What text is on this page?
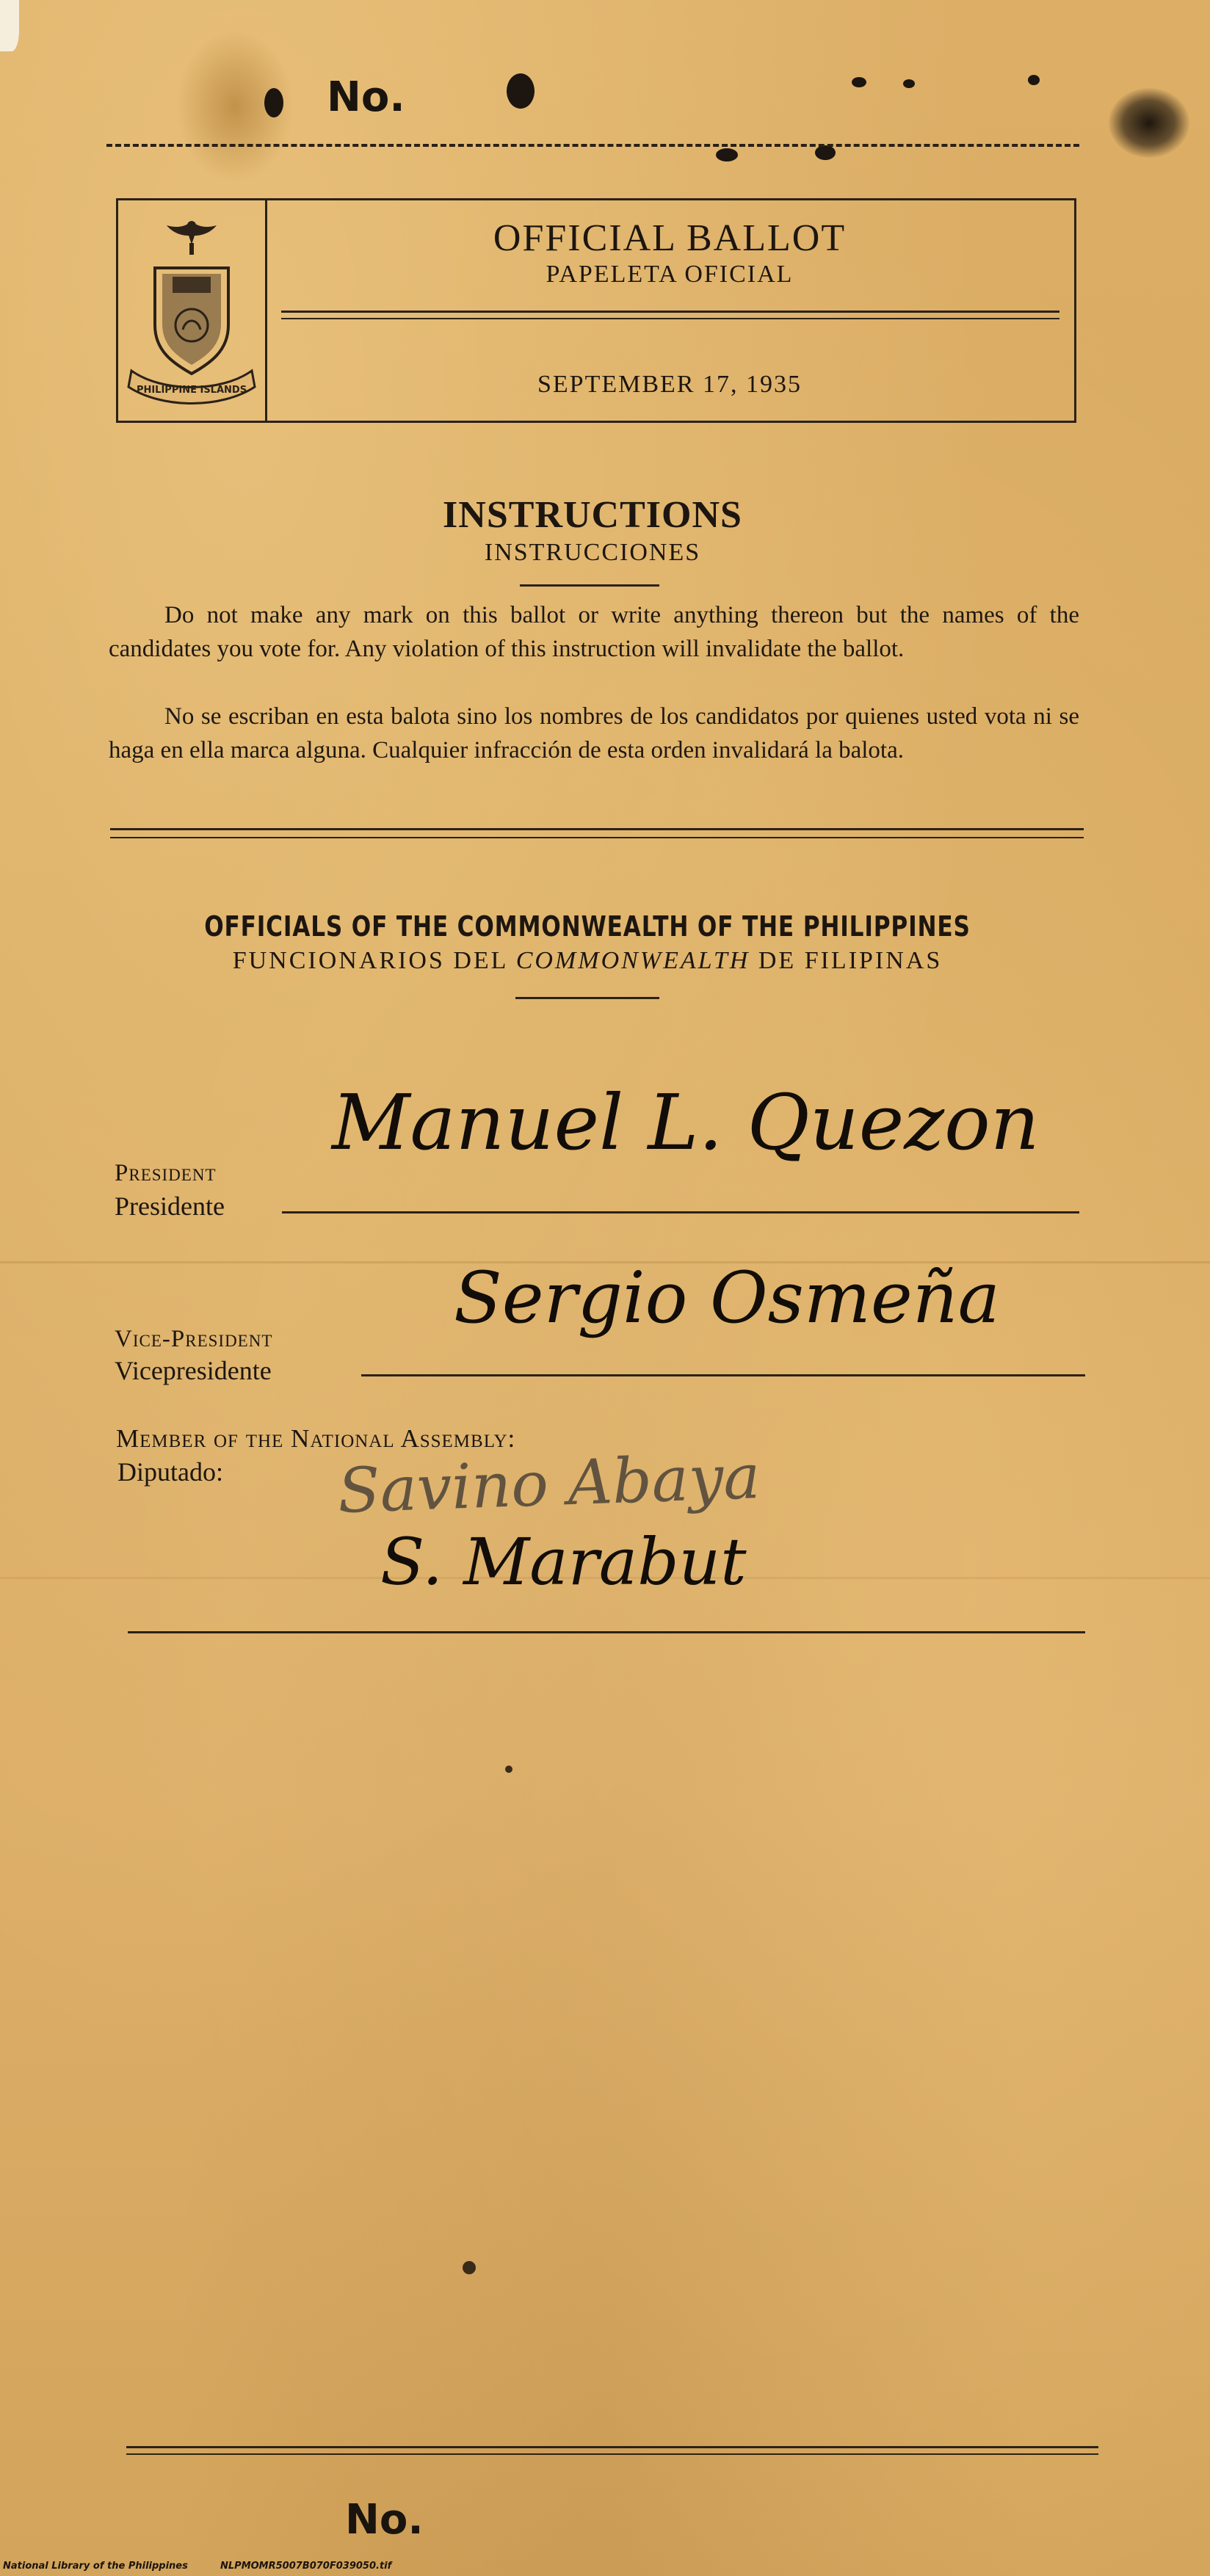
No.
PHILIPPINE ISLANDS
OFFICIAL BALLOT
PAPELETA OFICIAL
SEPTEMBER 17, 1935
INSTRUCTIONS
INSTRUCCIONES
Do not make any mark on this ballot or write anything thereon but the names of the candidates you vote for. Any violation of this instruction will invalidate the ballot.
No se escriban en esta balota sino los nombres de los candidatos por quienes usted vota ni se haga en ella marca alguna. Cualquier infracción de esta orden invalidará la balota.
OFFICIALS OF THE COMMONWEALTH OF THE PHILIPPINES
FUNCIONARIOS DEL COMMONWEALTH DE FILIPINAS
Manuel L. Quezon
President
Presidente
Sergio Osmeña
Vice-President
Vicepresidente
Member of the National Assembly:
Diputado: Savino Abaya
S. Marabut
No.
National Library of the Philippines	NLPMOMR5007B070F039050.tif
